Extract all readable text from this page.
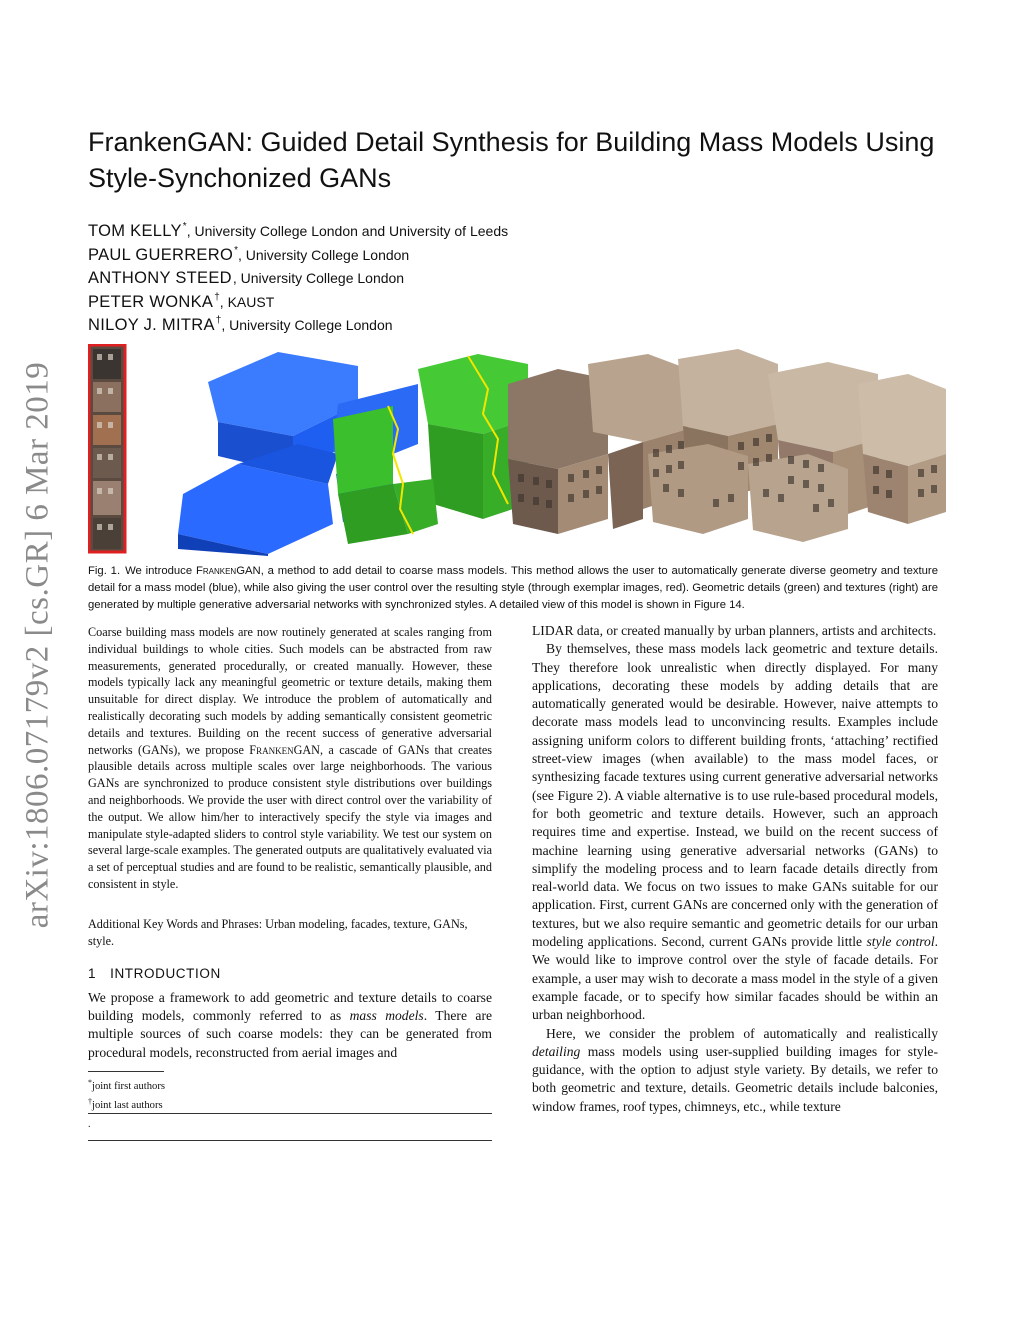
arXiv:1806.07179v2 [cs.GR] 6 Mar 2019
FrankenGAN: Guided Detail Synthesis for Building Mass Models Using Style-Synchonized GANs
TOM KELLY*, University College London and University of Leeds
PAUL GUERRERO*, University College London
ANTHONY STEED, University College London
PETER WONKA†, KAUST
NILOY J. MITRA†, University College London
Fig. 1. We introduce FrankenGAN, a method to add detail to coarse mass models. This method allows the user to automatically generate diverse geometry and texture detail for a mass model (blue), while also giving the user control over the resulting style (through exemplar images, red). Geometric details (green) and textures (right) are generated by multiple generative adversarial networks with synchronized styles. A detailed view of this model is shown in Figure 14.
Coarse building mass models are now routinely generated at scales ranging from individual buildings to whole cities. Such models can be abstracted from raw measurements, generated procedurally, or created manually. However, these models typically lack any meaningful geometric or texture details, making them unsuitable for direct display. We introduce the problem of automatically and realistically decorating such models by adding semantically consistent geometric details and textures. Building on the recent success of generative adversarial networks (GANs), we propose FrankenGAN, a cascade of GANs that creates plausible details across multiple scales over large neighborhoods. The various GANs are synchronized to produce consistent style distributions over buildings and neighborhoods. We provide the user with direct control over the variability of the output. We allow him/her to interactively specify the style via images and manipulate style-adapted sliders to control style variability. We test our system on several large-scale examples. The generated outputs are qualitatively evaluated via a set of perceptual studies and are found to be realistic, semantically plausible, and consistent in style.
Additional Key Words and Phrases: Urban modeling, facades, texture, GANs, style.
1 INTRODUCTION
We propose a framework to add geometric and texture details to coarse building models, commonly referred to as mass models. There are multiple sources of such coarse models: they can be generated from procedural models, reconstructed from aerial images and
*joint first authors
†joint last authors
.

LIDAR data, or created manually by urban planners, artists and architects.

By themselves, these mass models lack geometric and texture details. They therefore look unrealistic when directly displayed. For many applications, decorating these models by adding details that are automatically generated would be desirable. However, naive attempts to decorate mass models lead to unconvincing results. Examples include assigning uniform colors to different building fronts, ‘attaching’ rectified street-view images (when available) to the mass model faces, or synthesizing facade textures using current generative adversarial networks (see Figure 2). A viable alternative is to use rule-based procedural models, for both geometric and texture details. However, such an approach requires time and expertise. Instead, we build on the recent success of machine learning using generative adversarial networks (GANs) to simplify the modeling process and to learn facade details directly from real-world data. We focus on two issues to make GANs suitable for our application. First, current GANs are concerned only with the generation of textures, but we also require semantic and geometric details for our urban modeling applications. Second, current GANs provide little style control. We would like to improve control over the style of facade details. For example, a user may wish to decorate a mass model in the style of a given example facade, or to specify how similar facades should be within an urban neighborhood.

Here, we consider the problem of automatically and realistically detailing mass models using user-supplied building images for style-guidance, with the option to adjust style variety. By details, we refer to both geometric and texture, details. Geometric details include balconies, window frames, roof types, chimneys, etc., while texture
